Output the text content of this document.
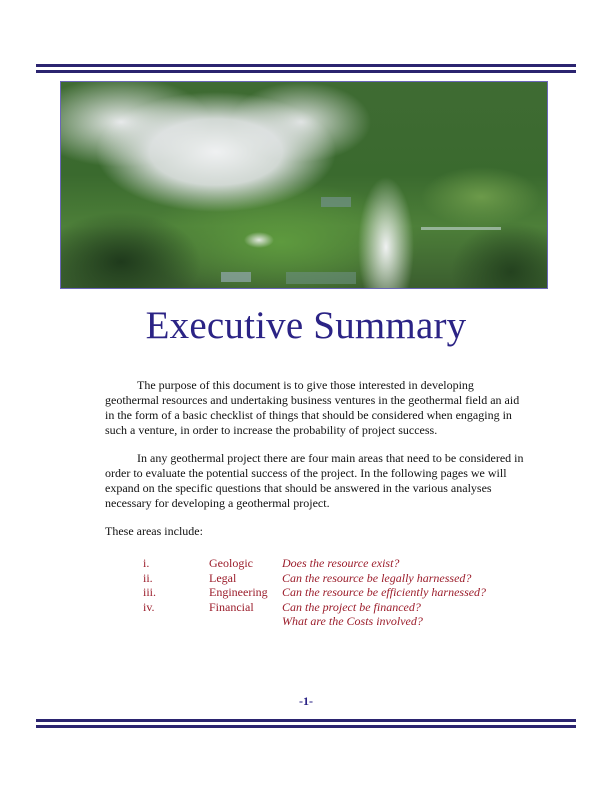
Executive Summary

The purpose of this document is to give those interested in developing geothermal resources and undertaking business ventures in the geothermal field an aid in the form of a basic checklist of things that should be considered when engaging in such a venture, in order to increase the probability of project success.

In any geothermal project there are four main areas that need to be considered in order to evaluate the potential success of the project. In the following pages we will expand on the specific questions that should be answered in the various analyses necessary for developing a geothermal project.

These areas include:

i.	Geologic	Does the resource exist?
ii.	Legal	Can the resource be legally harnessed?
iii.	Engineering	Can the resource be efficiently harnessed?
iv.	Financial	Can the project be financed?
What are the Costs involved?
-1-
